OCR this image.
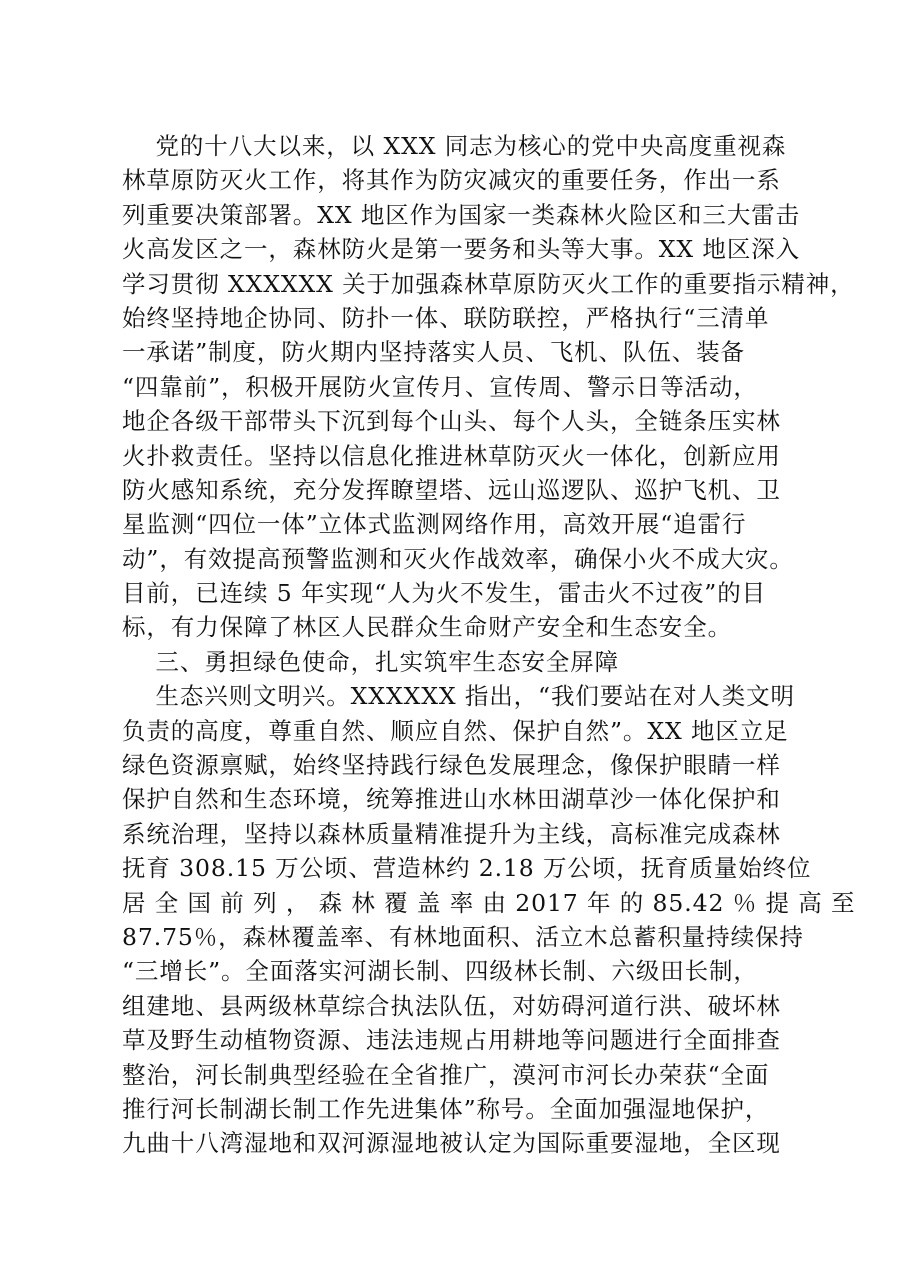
党的十八大以来，以 XXX 同志为核心的党中央高度重视森
林草原防灭火工作，将其作为防灾减灾的重要任务，作出一系
列重要决策部署。XX 地区作为国家一类森林火险区和三大雷击
火高发区之一，森林防火是第一要务和头等大事。XX 地区深入
学习贯彻 XXXXXX 关于加强森林草原防灭火工作的重要指示精神，
始终坚持地企协同、防扑一体、联防联控，严格执行“三清单
一承诺”制度，防火期内坚持落实人员、飞机、队伍、装备
“四靠前”，积极开展防火宣传月、宣传周、警示日等活动，
地企各级干部带头下沉到每个山头、每个人头，全链条压实林
火扑救责任。坚持以信息化推进林草防灭火一体化，创新应用
防火感知系统，充分发挥瞭望塔、远山巡逻队、巡护飞机、卫
星监测“四位一体”立体式监测网络作用，高效开展“追雷行
动”，有效提高预警监测和灭火作战效率，确保小火不成大灾。
目前，已连续 5 年实现“人为火不发生，雷击火不过夜”的目
标，有力保障了林区人民群众生命财产安全和生态安全。
三、勇担绿色使命，扎实筑牢生态安全屏障
生态兴则文明兴。XXXXXX 指出，“我们要站在对人类文明
负责的高度，尊重自然、顺应自然、保护自然”。XX 地区立足
绿色资源禀赋，始终坚持践行绿色发展理念，像保护眼睛一样
保护自然和生态环境，统筹推进山水林田湖草沙一体化保护和
系统治理，坚持以森林质量精准提升为主线，高标准完成森林
抚育 308.15 万公顷、营造林约 2.18 万公顷，抚育质量始终位
居 全 国 前 列 ， 森 林 覆 盖 率 由 2017 年 的 85.42 ％ 提 高 至
87.75％，森林覆盖率、有林地面积、活立木总蓄积量持续保持
“三增长”。全面落实河湖长制、四级林长制、六级田长制，
组建地、县两级林草综合执法队伍，对妨碍河道行洪、破坏林
草及野生动植物资源、违法违规占用耕地等问题进行全面排查
整治，河长制典型经验在全省推广，漠河市河长办荣获“全面
推行河长制湖长制工作先进集体”称号。全面加强湿地保护，
九曲十八湾湿地和双河源湿地被认定为国际重要湿地，全区现
